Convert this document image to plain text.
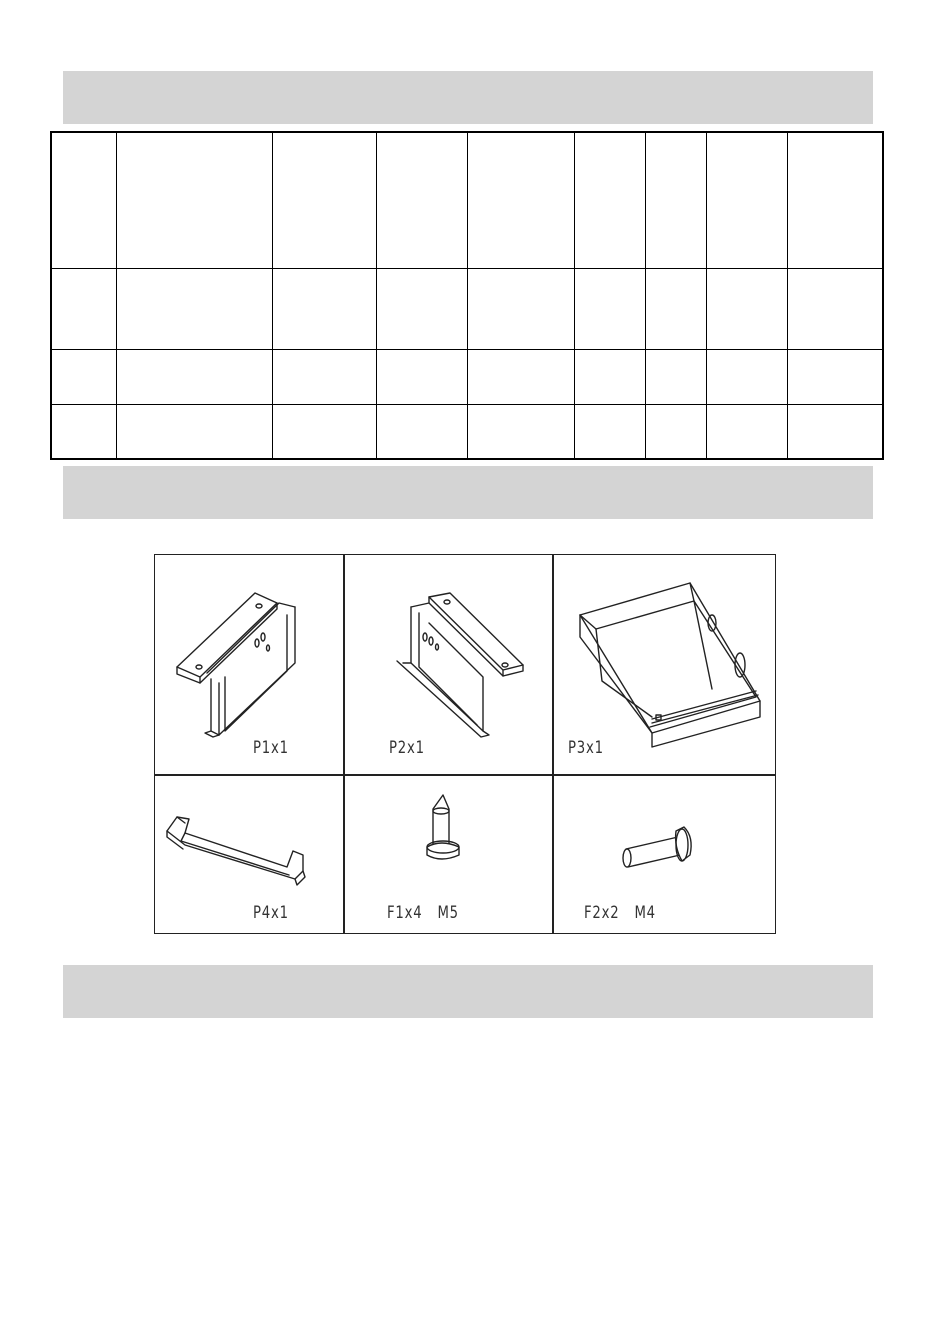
P1x1	P2x1	P3x1
P4x1	F1x4   M5	F2x2   M4
